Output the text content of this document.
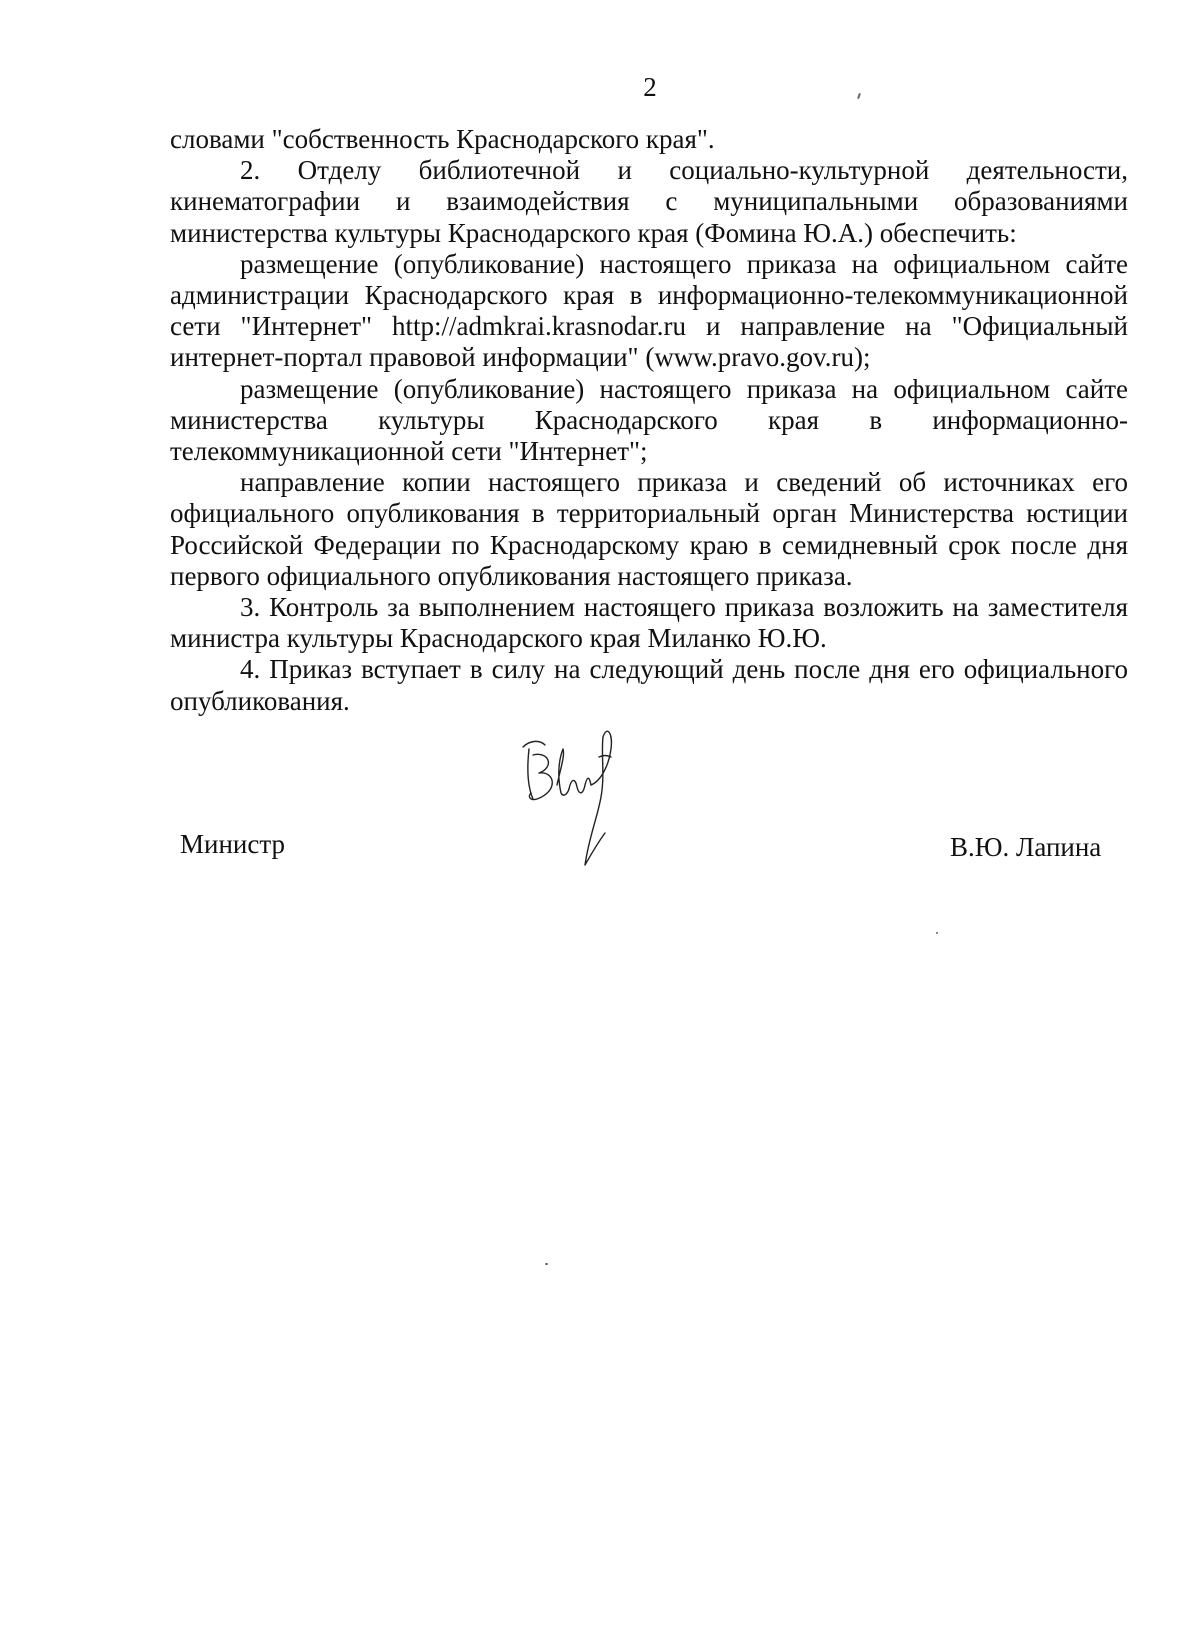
2

словами "собственность Краснодарского края".

2. Отделу библиотечной и социально-культурной деятельности, кинематографии и взаимодействия с муниципальными образованиями министерства культуры Краснодарского края (Фомина Ю.А.) обеспечить:

размещение (опубликование) настоящего приказа на официальном сайте администрации Краснодарского края в информационно-телекоммуникационной сети "Интернет" http://admkrai.krasnodar.ru и направление на "Официальный интернет-портал правовой информации" (www.pravo.gov.ru);

размещение (опубликование) настоящего приказа на официальном сайте министерства культуры Краснодарского края в информационно-телекоммуникационной сети "Интернет";

направление копии настоящего приказа и сведений об источниках его официального опубликования в территориальный орган Министерства юстиции Российской Федерации по Краснодарскому краю в семидневный срок после дня первого официального опубликования настоящего приказа.

3. Контроль за выполнением настоящего приказа возложить на заместителя министра культуры Краснодарского края Миланко Ю.Ю.

4. Приказ вступает в силу на следующий день после дня его официального опубликования.

Министр	В.Ю. Лапина
